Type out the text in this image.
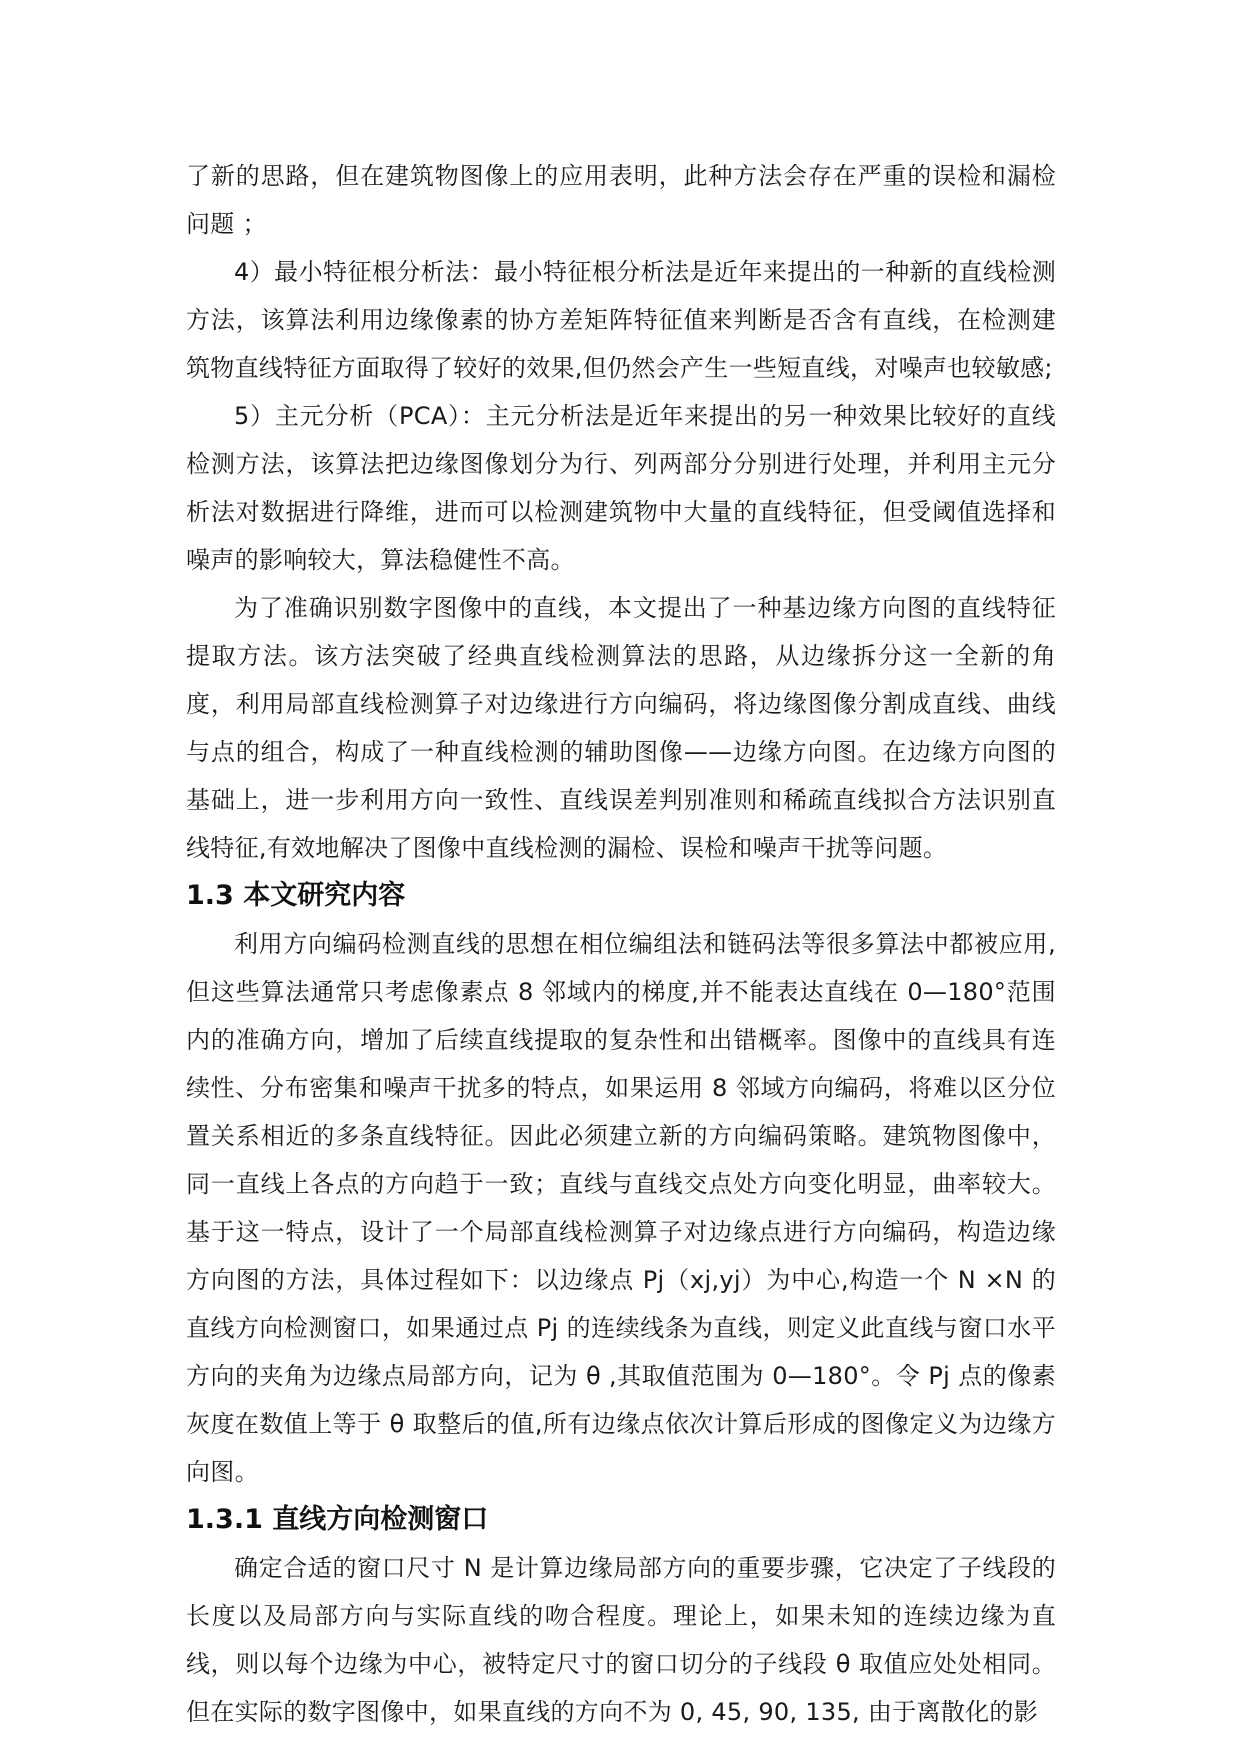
了新的思路，但在建筑物图像上的应用表明，此种方法会存在严重的误检和漏检问题 ；

4）最小特征根分析法：最小特征根分析法是近年来提出的一种新的直线检测方法，该算法利用边缘像素的协方差矩阵特征值来判断是否含有直线，在检测建筑物直线特征方面取得了较好的效果,但仍然会产生一些短直线，对噪声也较敏感;

5）主元分析（PCA）：主元分析法是近年来提出的另一种效果比较好的直线检测方法，该算法把边缘图像划分为行、列两部分分别进行处理，并利用主元分析法对数据进行降维，进而可以检测建筑物中大量的直线特征，但受阈值选择和噪声的影响较大，算法稳健性不高。

为了准确识别数字图像中的直线，本文提出了一种基边缘方向图的直线特征提取方法。该方法突破了经典直线检测算法的思路，从边缘拆分这一全新的角度，利用局部直线检测算子对边缘进行方向编码，将边缘图像分割成直线、曲线与点的组合，构成了一种直线检测的辅助图像——边缘方向图。在边缘方向图的基础上，进一步利用方向一致性、直线误差判别准则和稀疏直线拟合方法识别直线特征,有效地解决了图像中直线检测的漏检、误检和噪声干扰等问题。

1.3 本文研究内容

利用方向编码检测直线的思想在相位编组法和链码法等很多算法中都被应用,但这些算法通常只考虑像素点 8 邻域内的梯度,并不能表达直线在 0—180°范围内的准确方向，增加了后续直线提取的复杂性和出错概率。图像中的直线具有连续性、分布密集和噪声干扰多的特点，如果运用 8 邻域方向编码，将难以区分位置关系相近的多条直线特征。因此必须建立新的方向编码策略。建筑物图像中，同一直线上各点的方向趋于一致；直线与直线交点处方向变化明显，曲率较大。基于这一特点，设计了一个局部直线检测算子对边缘点进行方向编码，构造边缘方向图的方法，具体过程如下：以边缘点 Pj（xj,yj）为中心,构造一个 N ×N 的直线方向检测窗口，如果通过点 Pj 的连续线条为直线，则定义此直线与窗口水平方向的夹角为边缘点局部方向，记为 θ ,其取值范围为 0—180°。令 Pj 点的像素灰度在数值上等于 θ 取整后的值,所有边缘点依次计算后形成的图像定义为边缘方向图。

1.3.1 直线方向检测窗口

确定合适的窗口尺寸 N 是计算边缘局部方向的重要步骤，它决定了子线段的长度以及局部方向与实际直线的吻合程度。理论上，如果未知的连续边缘为直线，则以每个边缘为中心，被特定尺寸的窗口切分的子线段 θ 取值应处处相同。但在实际的数字图像中，如果直线的方向不为 0, 45, 90, 135, 由于离散化的影
